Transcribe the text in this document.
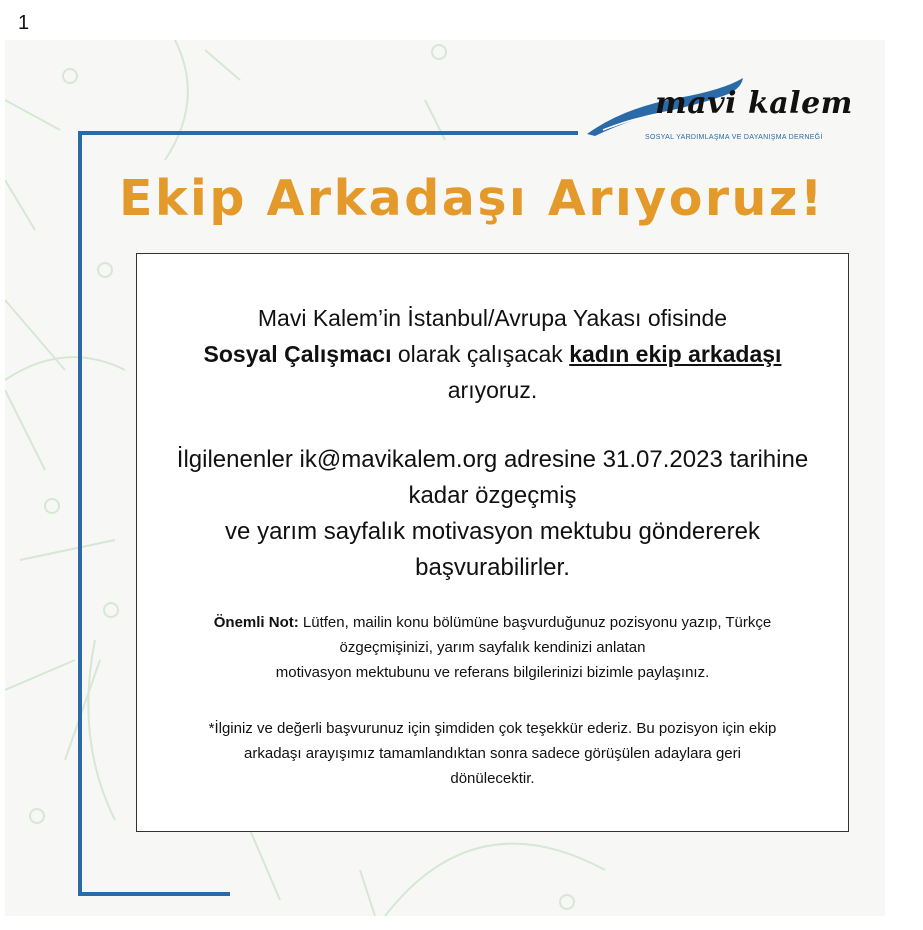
1
mavi kalem
SOSYAL YARDIMLAŞMA VE DAYANIŞMA DERNEĞİ
Ekip Arkadaşı Arıyoruz!
Mavi Kalem’in İstanbul/Avrupa Yakası ofisinde
Sosyal Çalışmacı olarak çalışacak kadın ekip arkadaşı
arıyoruz.
İlgilenenler ik@mavikalem.org adresine 31.07.2023 tarihine
kadar özgeçmiş
ve yarım sayfalık motivasyon mektubu göndererek
başvurabilirler.
Önemli Not: Lütfen, mailin konu bölümüne başvurduğunuz pozisyonu yazıp, Türkçe
özgeçmişinizi, yarım sayfalık kendinizi anlatan
motivasyon mektubunu ve referans bilgilerinizi bizimle paylaşınız.
*İlginiz ve değerli başvurunuz için şimdiden çok teşekkür ederiz. Bu pozisyon için ekip
arkadaşı arayışımız tamamlandıktan sonra sadece görüşülen adaylara geri
dönülecektir.
